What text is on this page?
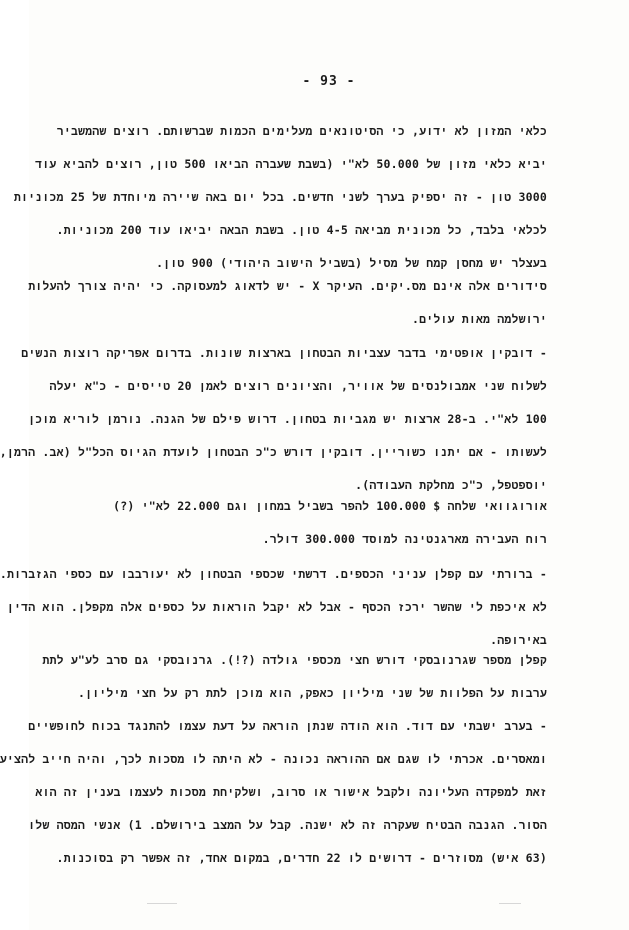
- 93 -
כלאי המזון לא ידוע, כי הסיטונאים מעלימים הכמות שברשותם. רוצים שהמשביר
יביא כלאי מזון של 50.000 לא"י (בשבת שעברה הביאו 500 טון, רוצים להביא עוד
3000 טון - זה יספיק בערך לשני חדשים. בכל יום באה שיירה מיוחדת של 25 מכוניות
לכלאי בלבד, כל מכונית מביאה 4-5 טון. בשבת הבאה יביאו עוד 200 מכוניות.
בעצלר יש מחסן קמח של מסיל (בשביל הישוב היהודי) 900 טון.
סידורים אלה אינם מס.יקים. העיקר X - יש לדאוג למעסוקה. כי יהיה צורך להעלות
ירושלמה מאות עולים.
- דובקין אופטימי בדבר עצביות הבטחון בארצות שונות. בדרום אפריקה רוצות הנשים
לשלוח שני אמבולנסים של אוויר, והציונים רוצים לאמן 20 טייסים - כ"א יעלה
100 לא"י. ב-28 ארצות יש מגביות בטחון. דרוש פילם של הגנה. נורמן לוריא מוכן
לעשותו - אם יתנו כשוריין. דובקין דורש כ"כ הבטחון לועדת הגיוס הכל"ל (אב. הרמן,
יוספטפל, כ"כ מחלקת העבודה).
אורוגוואי שלחה $ 100.000 להפר בשביל במחון וגם 22.000 לא"י (?)
רוח העבירה מארגנטינה למוסד 300.000 דולר.
- ברורתי עם קפלן עניני הכספים. דרשתי שכספי הבטחון לא יעורבבו עם כספי הגזברות.
לא איכפת לי שהשר ירכז הכסף - אבל לא יקבל הוראות על כספים אלה מקפלן. הוא הדין
באירופה.
קפלן מספר שגרנובסקי דורש חצי מכספי גולדה (?!). גרנובסקי גם סרב לע"ע לתת
ערבות על הפלוות של שני מיליון כאפק, הוא מוכן לתת רק על חצי מיליון.
- בערב ישבתי עם דוד. הוא הודה שנתן הוראה על דעת עצמו להתנגד בכוח לחופשיים
ומאסרים. אכרתי לו שגם אם ההוראה נכונה - לא היתה לו מסכות לכך, והיה חייב להציע
זאת למפקדה העליונה ולקבל אישור או סרוב, ושלקיחת מסכות לעצמו בענין זה הוא
הסור. הגנבה הבטיח שעקרה זה לא ישנה. קבל על המצב בירושלם. 1) אנשי המסה שלו
(63 איש) מסוזרים - דרושים לו 22 חדרים, במקום אחד, זה אפשר רק בסוכנות.
